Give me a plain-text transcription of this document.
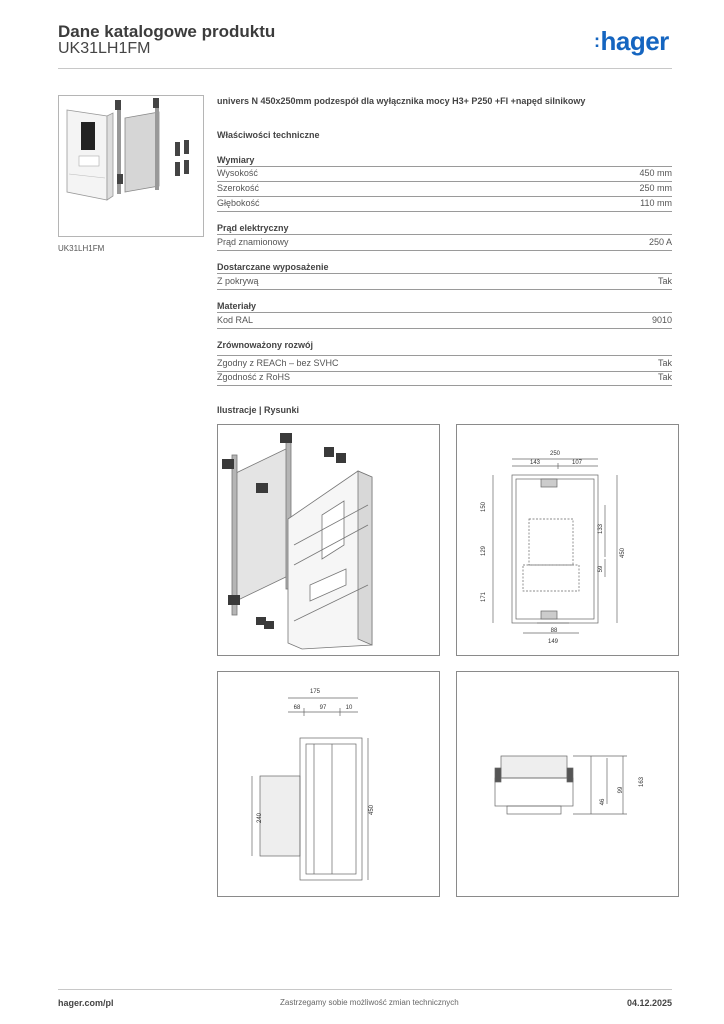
Dane katalogowe produktu
UK31LH1FM	:hager
UK31LH1FM
univers N 450x250mm podzespół dla wyłącznika mocy H3+ P250 +FI +napęd silnikowy
Właściwości techniczne
Wymiary
Wysokość	450 mm
Szerokość	250 mm
Głębokość	110 mm
Prąd elektryczny
Prąd znamionowy	250 A
Dostarczane wyposażenie
Z pokrywą	Tak
Materiały
Kod RAL	9010
Zrównoważony rozwój
Zgodny z REACh – bez SVHC	Tak
Zgodność z RoHS	Tak
Ilustracje | Rysunki
250
143	107
150
129
171
133
59
450
88
149
175
68	97	10
240
450
163
99
46
hager.com/pl	Zastrzegamy sobie możliwość zmian technicznych	04.12.2025
